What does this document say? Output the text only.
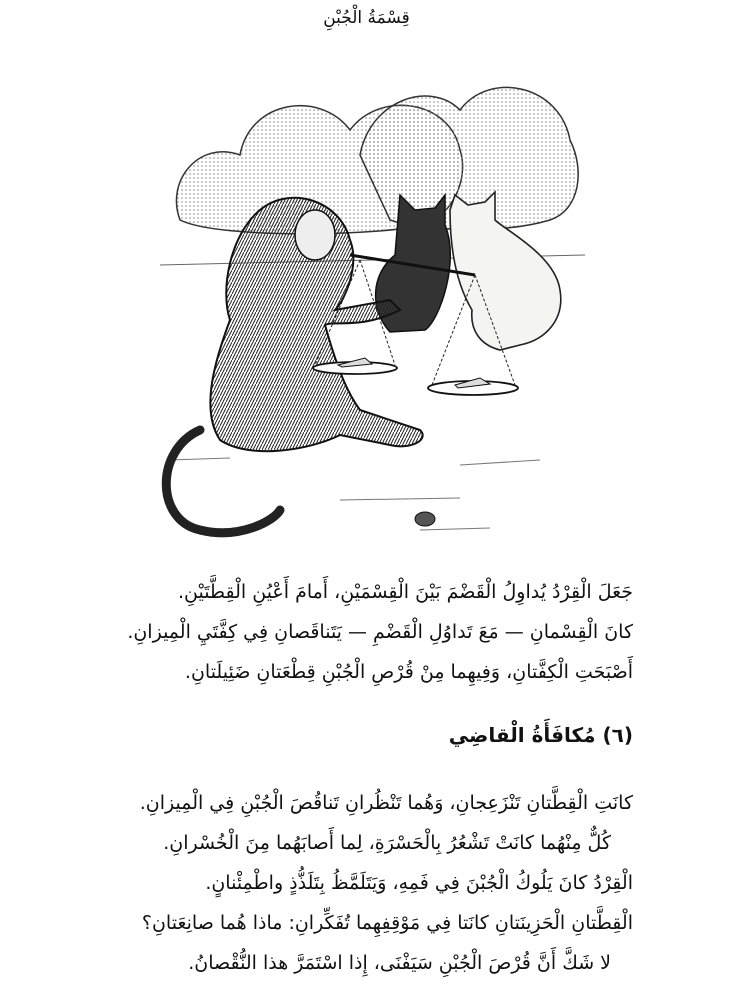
قِسْمَةُ الْجُبْنِ
جَعَلَ الْقِرْدُ يُداوِلُ الْقَضْمَ بَيْنَ الْقِسْمَيْنِ، أَمامَ أَعْيُنِ الْقِطَّتَيْنِ.
كانَ الْقِسْمانِ — مَعَ تَداوُلِ الْقَضْمِ — يَتَناقَصانِ فِي كِفَّتَيِ الْمِيزانِ.
أَصْبَحَتِ الْكِفَّتانِ، وَفِيهِما مِنْ قُرْصِ الْجُبْنِ قِطْعَتانِ ضَئِيلَتانِ.
(٦) مُكافَأَةُ الْقاضِي
كانَتِ الْقِطَّتانِ تَنْزَعِجانِ، وَهُما تَنْظُرانِ تَناقُصَ الْجُبْنِ فِي الْمِيزانِ.
كُلٌّ مِنْهُما كانَتْ تَشْعُرُ بِالْحَسْرَةِ، لِما أَصابَهُما مِنَ الْخُسْرانِ.
الْقِرْدُ كانَ يَلُوكُ الْجُبْنَ فِي فَمِهِ، وَيَتَلَمَّظُ بِتَلَذُّذٍ واطْمِئْنانٍ.
الْقِطَّتانِ الْحَزِينَتانِ كانَتا فِي مَوْقِفِهِما تُفَكِّرانِ: ماذا هُما صانِعَتانِ؟
لا شَكَّ أَنَّ قُرْصَ الْجُبْنِ سَيَفْنَى، إِذا اسْتَمَرَّ هذا النُّقْصانُ.
